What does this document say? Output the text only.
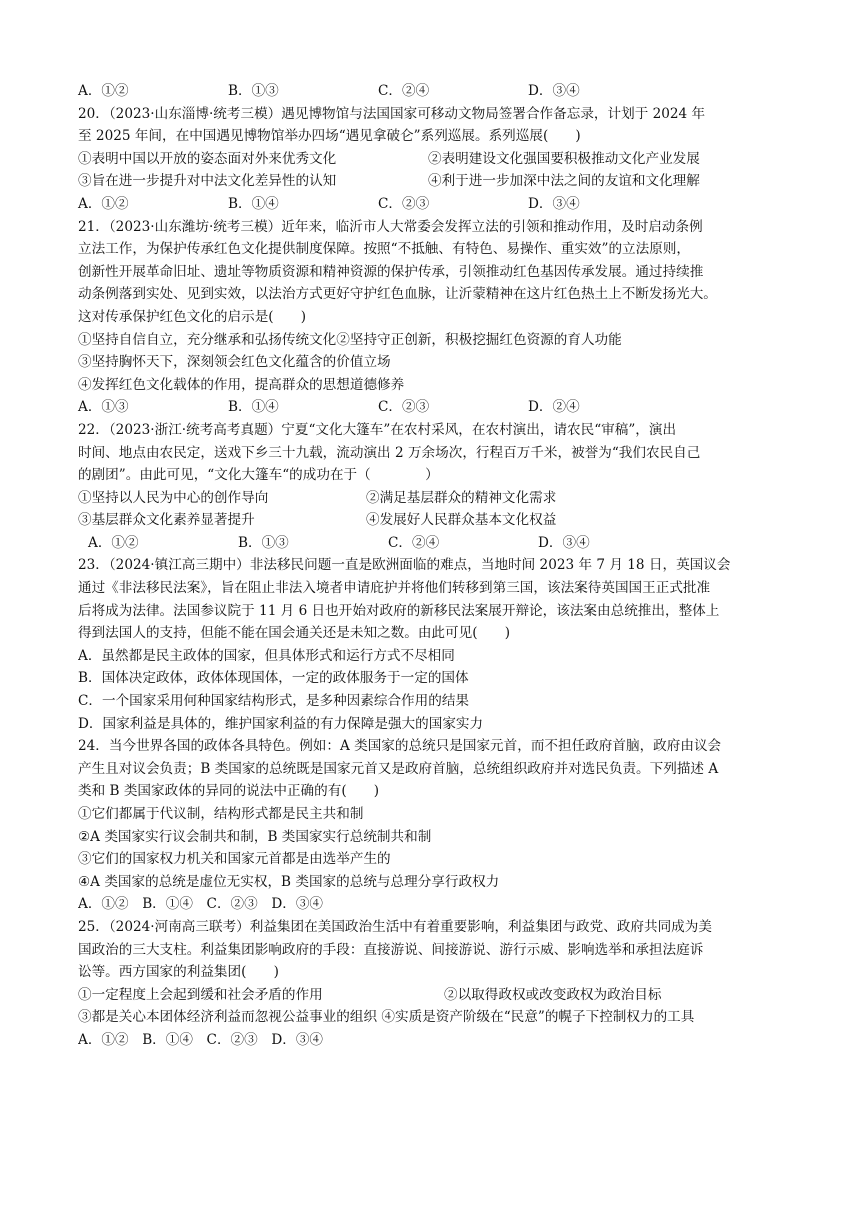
A．①②	B．①③	C．②④	D．③④
20．（2023·山东淄博·统考三模）遇见博物馆与法国国家可移动文物局签署合作备忘录，计划于 2024 年
至 2025 年间，在中国遇见博物馆举办四场“遇见拿破仑”系列巡展。系列巡展(　　)
①表明中国以开放的姿态面对外来优秀文化	②表明建设文化强国要积极推动文化产业发展
③旨在进一步提升对中法文化差异性的认知	④利于进一步加深中法之间的友谊和文化理解
A．①②	B．①④	C．②③	D．③④
21．（2023·山东潍坊·统考三模）近年来，临沂市人大常委会发挥立法的引领和推动作用，及时启动条例
立法工作，为保护传承红色文化提供制度保障。按照“不抵触、有特色、易操作、重实效”的立法原则，
创新性开展革命旧址、遗址等物质资源和精神资源的保护传承，引领推动红色基因传承发展。通过持续推
动条例落到实处、见到实效，以法治方式更好守护红色血脉，让沂蒙精神在这片红色热土上不断发扬光大。
这对传承保护红色文化的启示是(　　)
①坚持自信自立，充分继承和弘扬传统文化②坚持守正创新，积极挖掘红色资源的育人功能
③坚持胸怀天下，深刻领会红色文化蕴含的价值立场
④发挥红色文化载体的作用，提高群众的思想道德修养
A．①③	B．①④	C．②③	D．②④
22．（2023·浙江·统考高考真题）宁夏“文化大篷车”在农村采风，在农村演出，请农民“审稿”，演出
时间、地点由农民定，送戏下乡三十九载，流动演出 2 万余场次，行程百万千米，被誉为“我们农民自己
的剧团”。由此可见，“文化大篷车“的成功在于（　　　　）
①坚持以人民为中心的创作导向	②满足基层群众的精神文化需求
③基层群众文化素养显著提升	④发展好人民群众基本文化权益
A．①②	B．①③	C．②④	D．③④
23．（2024·镇江高三期中）非法移民问题一直是欧洲面临的难点，当地时间 2023 年 7 月 18 日，英国议会
通过《非法移民法案》，旨在阻止非法入境者申请庇护并将他们转移到第三国，该法案待英国国王正式批准
后将成为法律。法国参议院于 11 月 6 日也开始对政府的新移民法案展开辩论，该法案由总统推出，整体上
得到法国人的支持，但能不能在国会通关还是未知之数。由此可见(　　)
A．虽然都是民主政体的国家，但具体形式和运行方式不尽相同
B．国体决定政体，政体体现国体，一定的政体服务于一定的国体
C．一个国家采用何种国家结构形式，是多种因素综合作用的结果
D．国家利益是具体的，维护国家利益的有力保障是强大的国家实力
24．当今世界各国的政体各具特色。例如：A 类国家的总统只是国家元首，而不担任政府首脑，政府由议会
产生且对议会负责；B 类国家的总统既是国家元首又是政府首脑，总统组织政府并对选民负责。下列描述 A
类和 B 类国家政体的异同的说法中正确的有(　　)
①它们都属于代议制，结构形式都是民主共和制
②A 类国家实行议会制共和制，B 类国家实行总统制共和制
③它们的国家权力机关和国家元首都是由选举产生的
④A 类国家的总统是虚位无实权，B 类国家的总统与总理分享行政权力
A．①②　B．①④　C．②③　D．③④
25．（2024·河南高三联考）利益集团在美国政治生活中有着重要影响，利益集团与政党、政府共同成为美
国政治的三大支柱。利益集团影响政府的手段：直接游说、间接游说、游行示威、影响选举和承担法庭诉
讼等。西方国家的利益集团(　　)
①一定程度上会起到缓和社会矛盾的作用	②以取得政权或改变政权为政治目标
③都是关心本团体经济利益而忽视公益事业的组织 ④实质是资产阶级在“民意”的幌子下控制权力的工具
A．①②　B．①④　C．②③　D．③④
